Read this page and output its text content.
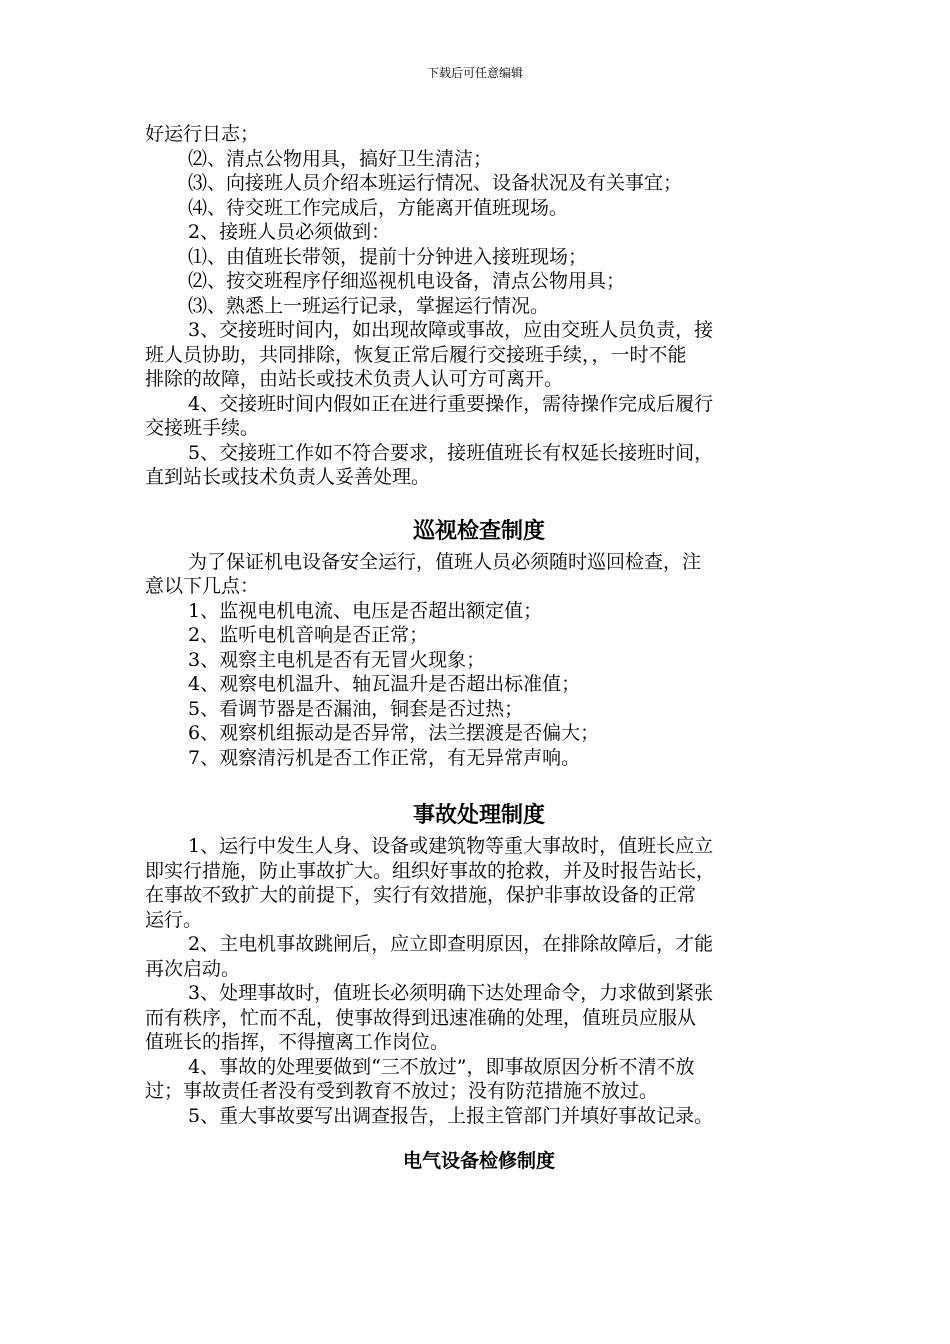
下载后可任意编辑

好运行日志；

⑵、清点公物用具，搞好卫生清洁；

⑶、向接班人员介绍本班运行情况、设备状况及有关事宜；

⑷、待交班工作完成后，方能离开值班现场。

2、接班人员必须做到：

⑴、由值班长带领，提前十分钟进入接班现场；

⑵、按交班程序仔细巡视机电设备，清点公物用具；

⑶、熟悉上一班运行记录，掌握运行情况。

3、交接班时间内，如出现故障或事故，应由交班人员负责，接

班人员协助，共同排除，恢复正常后履行交接班手续，，一时不能

排除的故障，由站长或技术负责人认可方可离开。

4、交接班时间内假如正在进行重要操作，需待操作完成后履行

交接班手续。

5、交接班工作如不符合要求，接班值班长有权延长接班时间，

直到站长或技术负责人妥善处理。

巡视检查制度

为了保证机电设备安全运行，值班人员必须随时巡回检查，注

意以下几点：

1、监视电机电流、电压是否超出额定值；

2、监听电机音响是否正常；

3、观察主电机是否有无冒火现象；

4、观察电机温升、轴瓦温升是否超出标准值；

5、看调节器是否漏油，铜套是否过热；

6、观察机组振动是否异常，法兰摆渡是否偏大；

7、观察清污机是否工作正常，有无异常声响。

事故处理制度

1、运行中发生人身、设备或建筑物等重大事故时，值班长应立

即实行措施，防止事故扩大。组织好事故的抢救，并及时报告站长，

在事故不致扩大的前提下，实行有效措施，保护非事故设备的正常

运行。

2、主电机事故跳闸后，应立即查明原因，在排除故障后，才能

再次启动。

3、处理事故时，值班长必须明确下达处理命令，力求做到紧张

而有秩序，忙而不乱，使事故得到迅速准确的处理，值班员应服从

值班长的指挥，不得擅离工作岗位。

4、事故的处理要做到“三不放过”，即事故原因分析不清不放

过；事故责任者没有受到教育不放过；没有防范措施不放过。

5、重大事故要写出调查报告，上报主管部门并填好事故记录。

电气设备检修制度
